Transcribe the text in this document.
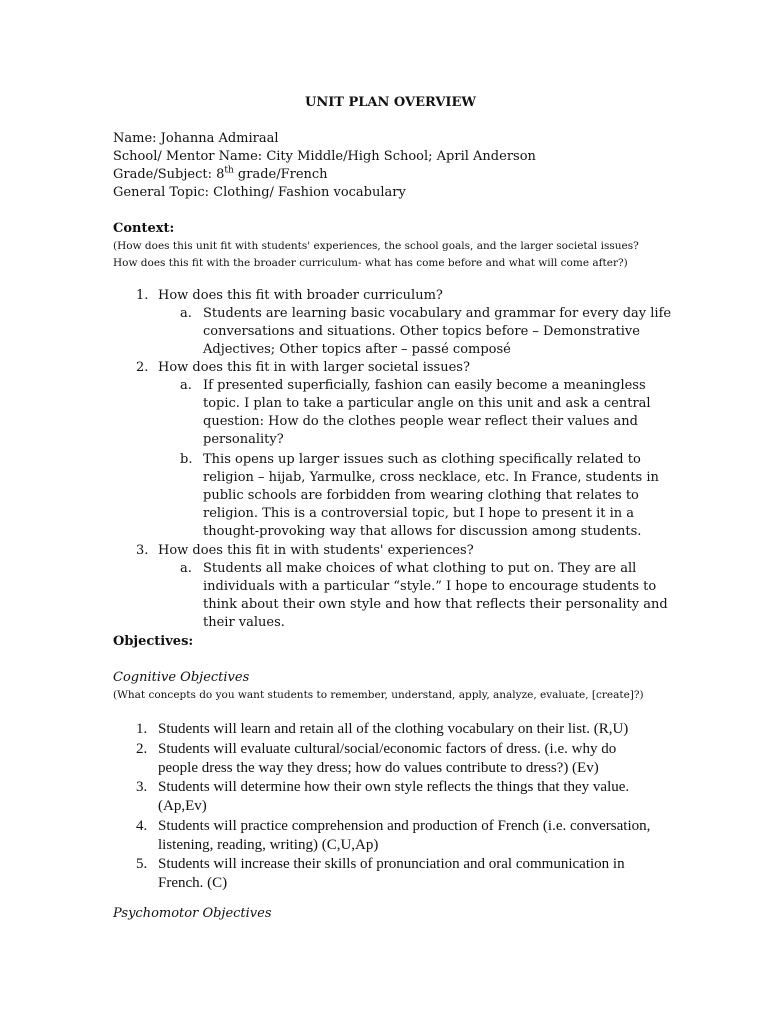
UNIT PLAN OVERVIEW
Name: Johanna Admiraal
School/ Mentor Name: City Middle/High School; April Anderson
Grade/Subject: 8th grade/French
General Topic: Clothing/ Fashion vocabulary
Context:
(How does this unit fit with students' experiences, the school goals, and the larger societal issues?
How does this fit with the broader curriculum- what has come before and what will come after?)
1. How does this fit with broader curriculum?
a. Students are learning basic vocabulary and grammar for every day life
conversations and situations. Other topics before – Demonstrative
Adjectives; Other topics after – passé composé
2. How does this fit in with larger societal issues?
a. If presented superficially, fashion can easily become a meaningless
topic. I plan to take a particular angle on this unit and ask a central
question: How do the clothes people wear reflect their values and
personality?
b. This opens up larger issues such as clothing specifically related to
religion – hijab, Yarmulke, cross necklace, etc. In France, students in
public schools are forbidden from wearing clothing that relates to
religion. This is a controversial topic, but I hope to present it in a
thought-provoking way that allows for discussion among students.
3. How does this fit in with students' experiences?
a. Students all make choices of what clothing to put on. They are all
individuals with a particular “style.” I hope to encourage students to
think about their own style and how that reflects their personality and
their values.
Objectives:
Cognitive Objectives
(What concepts do you want students to remember, understand, apply, analyze, evaluate, [create]?)
1. Students will learn and retain all of the clothing vocabulary on their list. (R,U)
2. Students will evaluate cultural/social/economic factors of dress. (i.e. why do
people dress the way they dress; how do values contribute to dress?) (Ev)
3. Students will determine how their own style reflects the things that they value.
(Ap,Ev)
4. Students will practice comprehension and production of French (i.e. conversation,
listening, reading, writing) (C,U,Ap)
5. Students will increase their skills of pronunciation and oral communication in
French. (C)
Psychomotor Objectives
